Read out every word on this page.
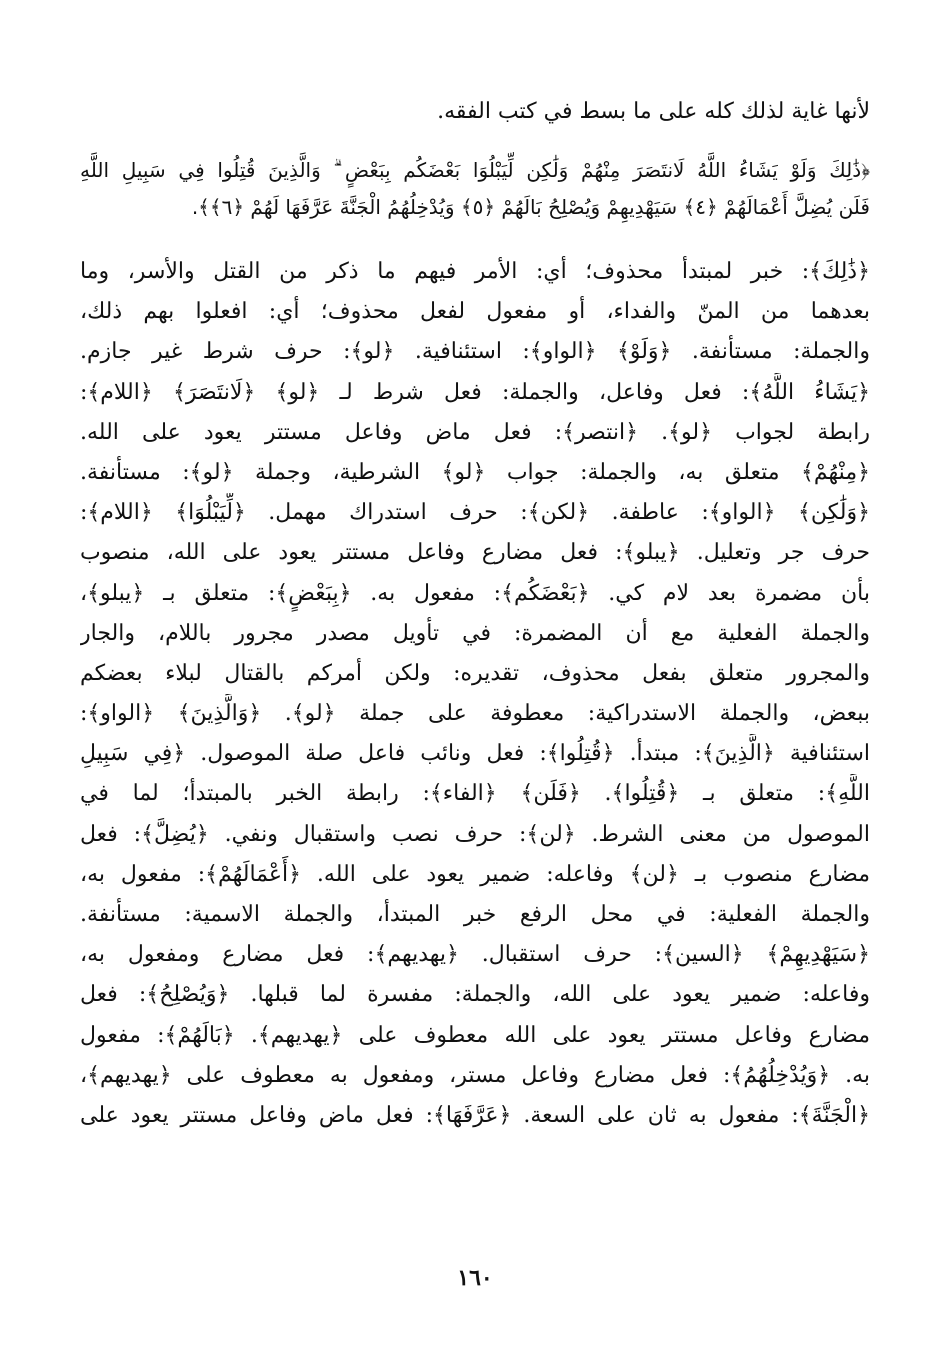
لأنها غاية لذلك كله على ما بسط في كتب الفقه.
﴿ذَٰلِكَ وَلَوْ يَشَاءُ اللَّهُ لَانتَصَرَ مِنْهُمْ وَلَٰكِن لِّيَبْلُوَا بَعْضَكُم بِبَعْضٍ ۗ وَالَّذِينَ قُتِلُوا فِي سَبِيلِ اللَّهِ
فَلَن يُضِلَّ أَعْمَالَهُمْ ﴿٤﴾ سَيَهْدِيهِمْ وَيُصْلِحُ بَالَهُمْ ﴿٥﴾ وَيُدْخِلُهُمُ الْجَنَّةَ عَرَّفَهَا لَهُمْ ﴿٦﴾﴾.
﴿ذَٰلِكَ﴾: خبر لمبتدأ محذوف؛ أي: الأمر فيهم ما ذكر من القتل والأسر، وما
بعدهما من المنّ والفداء، أو مفعول لفعل محذوف؛ أي: افعلوا بهم ذلك،
والجملة: مستأنفة. ﴿وَلَوْ﴾ ﴿الواو﴾: استئنافية. ﴿لو﴾: حرف شرط غير جازم.
﴿يَشَاءُ اللَّهُ﴾: فعل وفاعل، والجملة: فعل شرط لـ ﴿لو﴾ ﴿لَانتَصَرَ﴾ ﴿اللام﴾:
رابطة لجواب ﴿لو﴾. ﴿انتصر﴾: فعل ماض وفاعل مستتر يعود على الله.
﴿مِنْهُمْ﴾ متعلق به، والجملة: جواب ﴿لو﴾ الشرطية، وجملة ﴿لو﴾: مستأنفة.
﴿وَلَٰكِن﴾ ﴿الواو﴾: عاطفة. ﴿لكن﴾: حرف استدراك مهمل. ﴿لِّيَبْلُوَا﴾ ﴿اللام﴾:
حرف جر وتعليل. ﴿يبلو﴾: فعل مضارع وفاعل مستتر يعود على الله، منصوب
بأن مضمرة بعد لام كي. ﴿بَعْضَكُم﴾: مفعول به. ﴿بِبَعْضٍ﴾: متعلق بـ ﴿يبلو﴾،
والجملة الفعلية مع أن المضمرة: في تأويل مصدر مجرور باللام، والجار
والمجرور متعلق بفعل محذوف، تقديره: ولكن أمركم بالقتال لبلاء بعضكم
ببعض، والجملة الاستدراكية: معطوفة على جملة ﴿لو﴾. ﴿وَالَّذِينَ﴾ ﴿الواو﴾:
استئنافية ﴿الَّذِينَ﴾: مبتدأ. ﴿قُتِلُوا﴾: فعل ونائب فاعل صلة الموصول. ﴿فِي سَبِيلِ
اللَّهِ﴾: متعلق بـ ﴿قُتِلُوا﴾. ﴿فَلَن﴾ ﴿الفاء﴾: رابطة الخبر بالمبتدأ؛ لما في
الموصول من معنى الشرط. ﴿لن﴾: حرف نصب واستقبال ونفي. ﴿يُضِلَّ﴾: فعل
مضارع منصوب بـ ﴿لن﴾ وفاعله: ضمير يعود على الله. ﴿أَعْمَالَهُمْ﴾: مفعول به،
والجملة الفعلية: في محل الرفع خبر المبتدأ، والجملة الاسمية: مستأنفة.
﴿سَيَهْدِيهِمْ﴾ ﴿السين﴾: حرف استقبال. ﴿يهديهم﴾: فعل مضارع ومفعول به،
وفاعله: ضمير يعود على الله، والجملة: مفسرة لما قبلها. ﴿وَيُصْلِحُ﴾: فعل
مضارع وفاعل مستتر يعود على الله معطوف على ﴿يهديهم﴾. ﴿بَالَهُمْ﴾: مفعول
به. ﴿وَيُدْخِلُهُمُ﴾: فعل مضارع وفاعل مستر، ومفعول به معطوف على ﴿يهديهم﴾،
﴿الْجَنَّةَ﴾: مفعول به ثان على السعة. ﴿عَرَّفَهَا﴾: فعل ماض وفاعل مستتر يعود على
١٦٠
